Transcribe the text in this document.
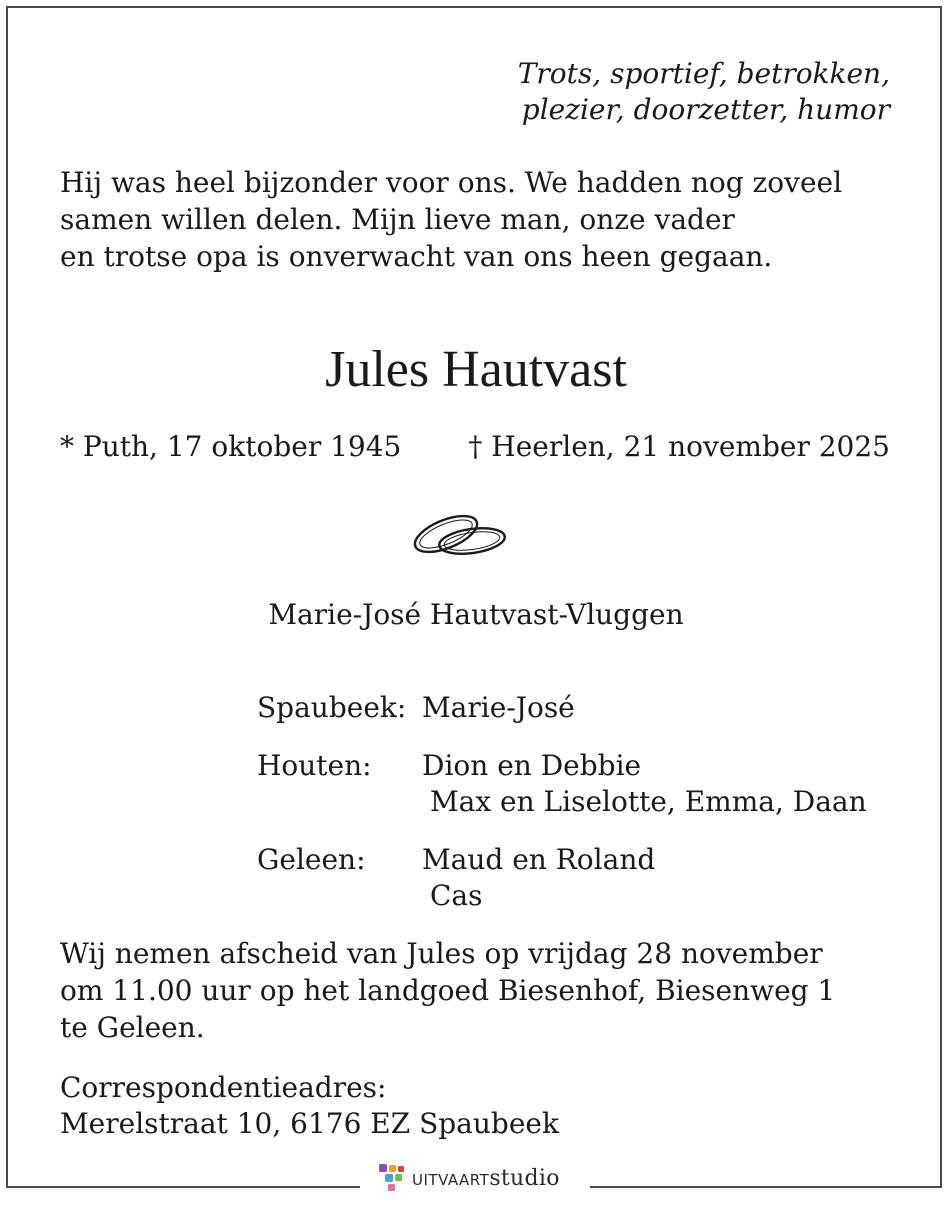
Trots, sportief, betrokken,
plezier, doorzetter, humor
Hij was heel bijzonder voor ons. We hadden nog zoveel
samen willen delen. Mijn lieve man, onze vader
en trotse opa is onverwacht van ons heen gegaan.
Jules Hautvast
* Puth, 17 oktober 1945 † Heerlen, 21 november 2025
Marie-José Hautvast-Vluggen
Spaubeek: Marie-José
Houten: Dion en Debbie
Max en Liselotte, Emma, Daan
Geleen: Maud en Roland
Cas
Wij nemen afscheid van Jules op vrijdag 28 november
om 11.00 uur op het landgoed Biesenhof, Biesenweg 1
te Geleen.
Correspondentieadres:
Merelstraat 10, 6176 EZ Spaubeek
UITVAARTstudio
